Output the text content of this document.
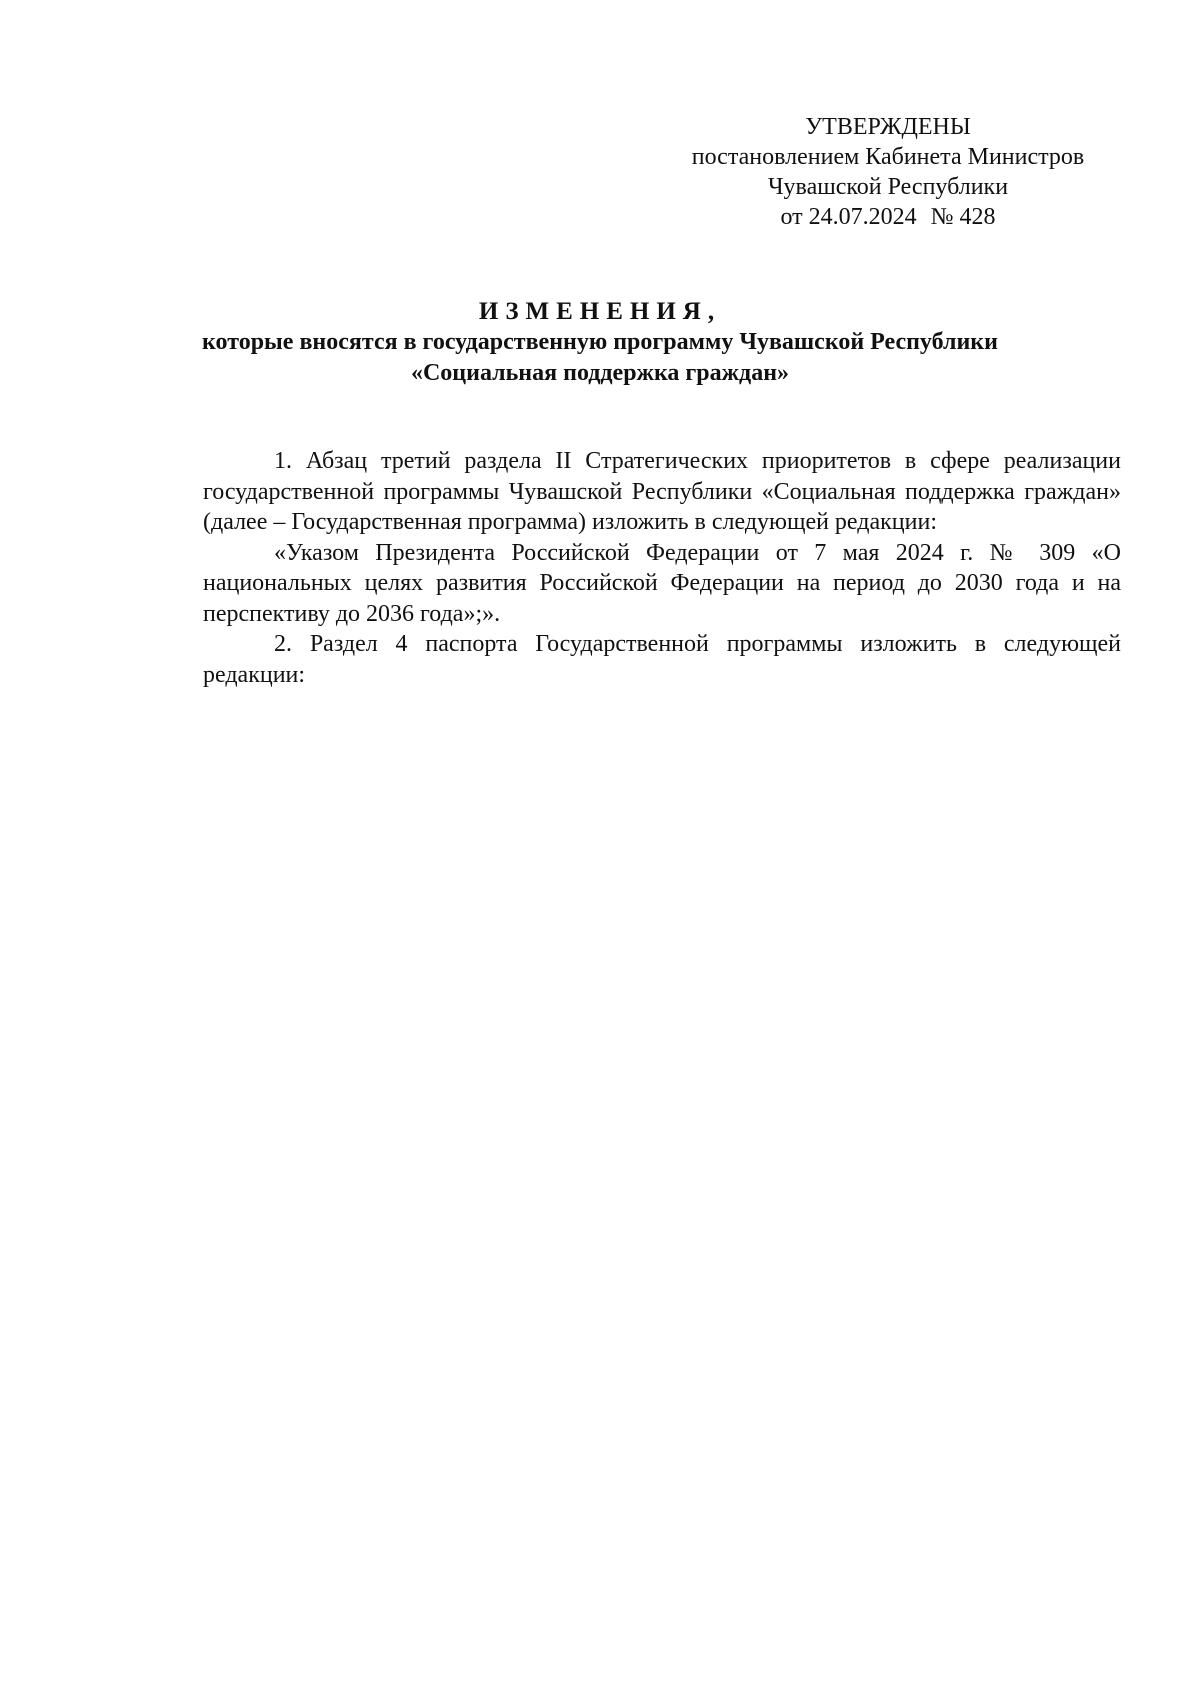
УТВЕРЖДЕНЫ
постановлением Кабинета Министров
Чувашской Республики
от 24.07.2024 № 428
ИЗМЕНЕНИЯ,
которые вносятся в государственную программу Чувашской Республики
«Социальная поддержка граждан»

1. Абзац третий раздела II Стратегических приоритетов в сфере реализации государственной программы Чувашской Республики «Социальная поддержка граждан» (далее – Государственная программа) изложить в следующей редакции:

«Указом Президента Российской Федерации от 7 мая 2024 г. № 309 «О национальных целях развития Российской Федерации на период до 2030 года и на перспективу до 2036 года»;».

2. Раздел 4 паспорта Государственной программы изложить в следующей редакции:
